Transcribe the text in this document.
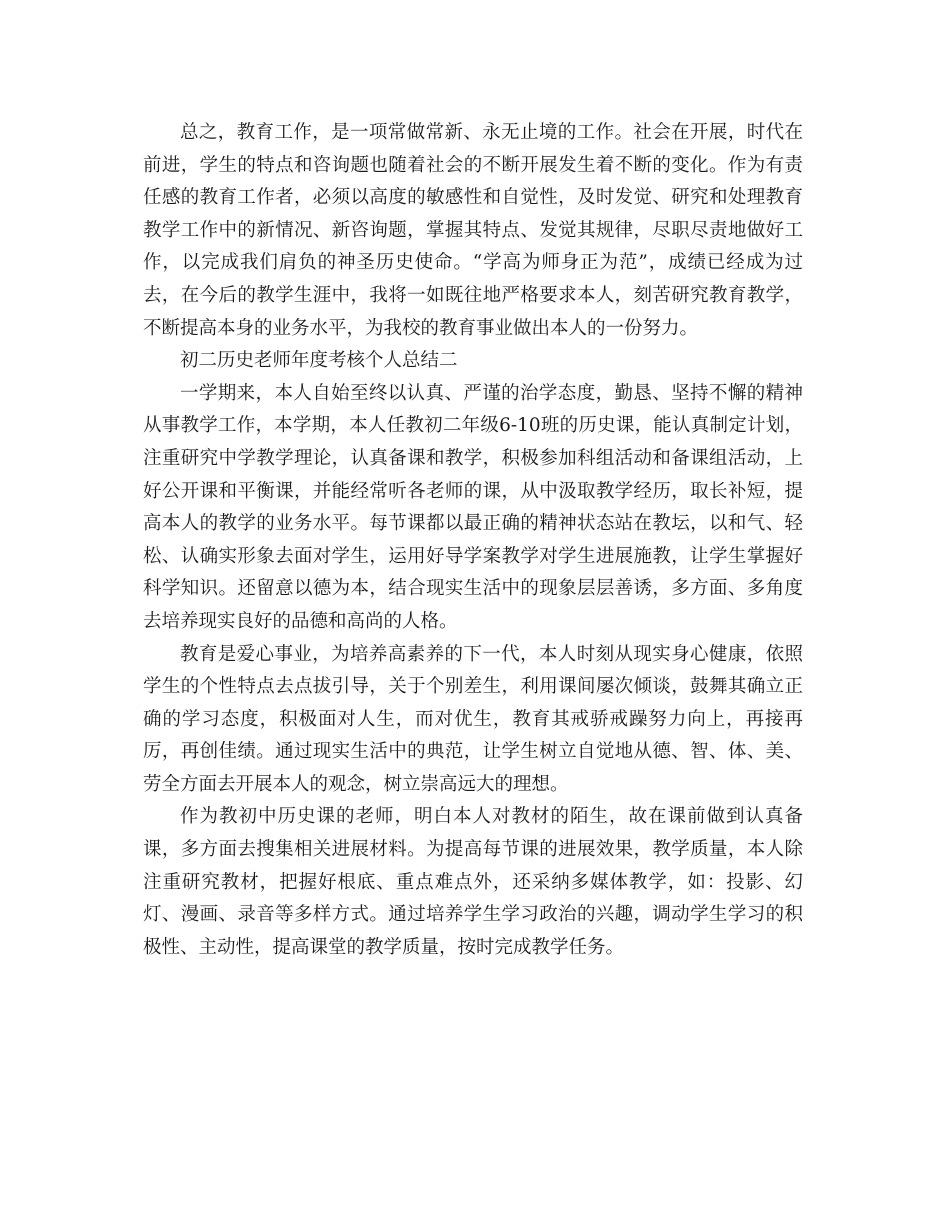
总之，教育工作，是一项常做常新、永无止境的工作。社会在开展，时代在前进，学生的特点和咨询题也随着社会的不断开展发生着不断的变化。作为有责任感的教育工作者，必须以高度的敏感性和自觉性，及时发觉、研究和处理教育教学工作中的新情况、新咨询题，掌握其特点、发觉其规律，尽职尽责地做好工作，以完成我们肩负的神圣历史使命。“学高为师身正为范”，成绩已经成为过去，在今后的教学生涯中，我将一如既往地严格要求本人，刻苦研究教育教学，不断提高本身的业务水平，为我校的教育事业做出本人的一份努力。

初二历史老师年度考核个人总结二

一学期来，本人自始至终以认真、严谨的治学态度，勤恳、坚持不懈的精神从事教学工作，本学期，本人任教初二年级6-10班的历史课，能认真制定计划，注重研究中学教学理论，认真备课和教学，积极参加科组活动和备课组活动，上好公开课和平衡课，并能经常听各老师的课，从中汲取教学经历，取长补短，提高本人的教学的业务水平。每节课都以最正确的精神状态站在教坛，以和气、轻松、认确实形象去面对学生，运用好导学案教学对学生进展施教，让学生掌握好科学知识。还留意以德为本，结合现实生活中的现象层层善诱，多方面、多角度去培养现实良好的品德和高尚的人格。

教育是爱心事业，为培养高素养的下一代，本人时刻从现实身心健康，依照学生的个性特点去点拔引导，关于个别差生，利用课间屡次倾谈，鼓舞其确立正确的学习态度，积极面对人生，而对优生，教育其戒骄戒躁努力向上，再接再厉，再创佳绩。通过现实生活中的典范，让学生树立自觉地从德、智、体、美、劳全方面去开展本人的观念，树立崇高远大的理想。

作为教初中历史课的老师，明白本人对教材的陌生，故在课前做到认真备课，多方面去搜集相关进展材料。为提高每节课的进展效果，教学质量，本人除注重研究教材，把握好根底、重点难点外，还采纳多媒体教学，如：投影、幻灯、漫画、录音等多样方式。通过培养学生学习政治的兴趣，调动学生学习的积极性、主动性，提高课堂的教学质量，按时完成教学任务。
